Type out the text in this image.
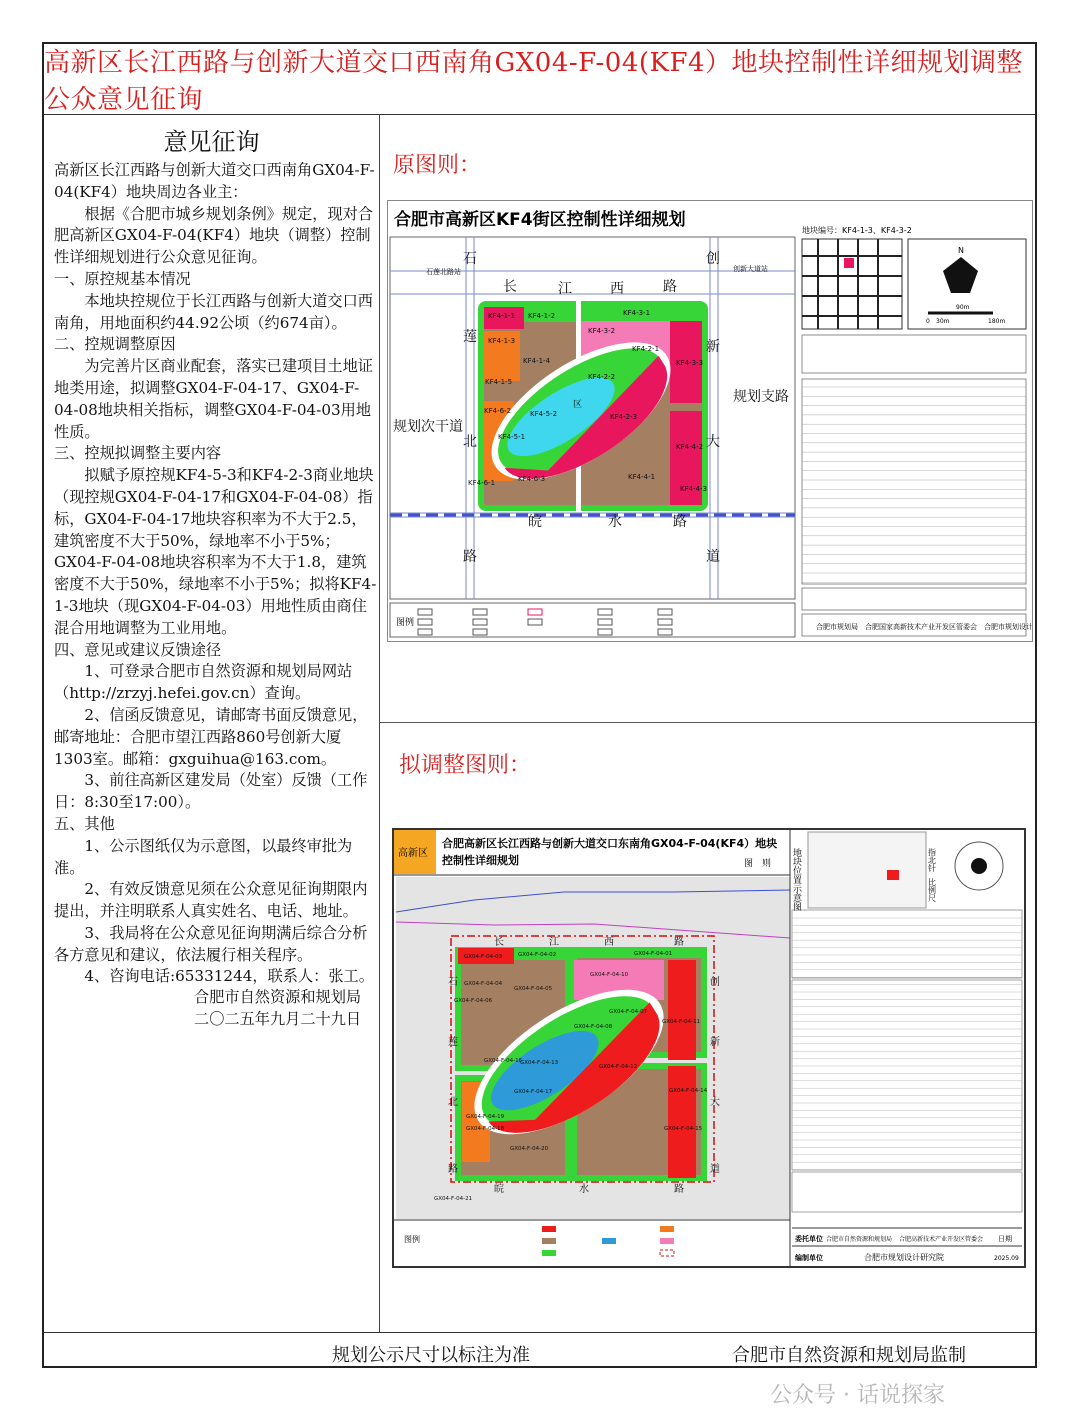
高新区长江西路与创新大道交口西南角GX04-F-04(KF4）地块控制性详细规划调整公众意见征询
意见征询

高新区长江西路与创新大道交口西南角GX04-F-04(KF4）地块周边各业主：

根据《合肥市城乡规划条例》规定，现对合肥高新区GX04-F-04(KF4）地块（调整）控制性详细规划进行公众意见征询。

一、原控规基本情况

本地块控规位于长江西路与创新大道交口西南角，用地面积约44.92公顷（约674亩）。

二、控规调整原因

为完善片区商业配套，落实已建项目土地证地类用途，拟调整GX04-F-04-17、GX04-F-04-08地块相关指标，调整GX04-F-04-03用地性质。

三、控规拟调整主要内容

拟赋予原控规KF4-5-3和KF4-2-3商业地块（现控规GX04-F-04-17和GX04-F-04-08）指标，GX04-F-04-17地块容积率为不大于2.5，建筑密度不大于50%，绿地率不小于5%；GX04-F-04-08地块容积率为不大于1.8，建筑密度不大于50%，绿地率不小于5%；拟将KF4-1-3地块（现GX04-F-04-03）用地性质由商住混合用地调整为工业用地。

四、意见或建议反馈途径

1、可登录合肥市自然资源和规划局网站（http://zrzyj.hefei.gov.cn）查询。

2、信函反馈意见，请邮寄书面反馈意见，邮寄地址：合肥市望江西路860号创新大厦1303室。邮箱：gxguihua@163.com。

3、前往高新区建发局（处室）反馈（工作日：8:30至17:00）。

五、其他

1、公示图纸仅为示意图，以最终审批为准。

2、有效反馈意见须在公众意见征询期限内提出，并注明联系人真实姓名、电话、地址。

3、我局将在公众意见征询期满后综合分析各方意见和建议，依法履行相关程序。

4、咨询电话:65331244，联系人：张工。

合肥市自然资源和规划局
二〇二五年九月二十九日
原图则：
合肥市高新区KF4街区控制性详细规划
KF4-1-1 KF4-1-2
KF4-1-3
KF4-1-4
KF4-1-5
KF4-2-1
KF4-2-2
KF4-2-3
KF4-3-1
KF4-3-2
KF4-3-3
KF4-4-2
KF4-4-3
KF4-5-1
KF4-5-2
KF4-6-1
KF4-6-2
KF4-6-3	KF4-4-1
长	江	西	路
石
莲
北
路
创
新
大
道
皖	水	路
区
规划次干道
规划支路
石莲北路站	创新大道站
图例
地块编号：KF4-1-3、KF4-3-2
N
0 30m
90m
180m
合肥市规划局　合肥国家高新技术产业开发区管委会　合肥市规划设计研究院
拟调整图则：
高新区
合肥高新区长江西路与创新大道交口东南角GX04-F-04(KF4）地块
控制性详细规划	图　则
GX04-F-04-03	GX04-F-04-02
GX04-F-04-04
GX04-F-04-05
GX04-F-04-06
GX04-F-04-01
GX04-F-04-10
GX04-F-04-07
GX04-F-04-11
GX04-F-04-08
GX04-F-04-12
GX04-F-04-13
GX04-F-04-14
GX04-F-04-15
GX04-F-04-16
GX04-F-04-17
GX04-F-04-18
GX04-F-04-19
GX04-F-04-20
GX04-F-04-21
长	江	西	路
石
莲
北
路
创
新
大
道
皖	水	路
图例
地块位置示意图	指北针
比例尺
委托单位 合肥市自然资源和规划局 合肥高新技术产业开发区管委会 日期
编制单位	合肥市规划设计研究院	2025.09
规划公示尺寸以标注为准	合肥市自然资源和规划局监制
公众号 · 话说探家
